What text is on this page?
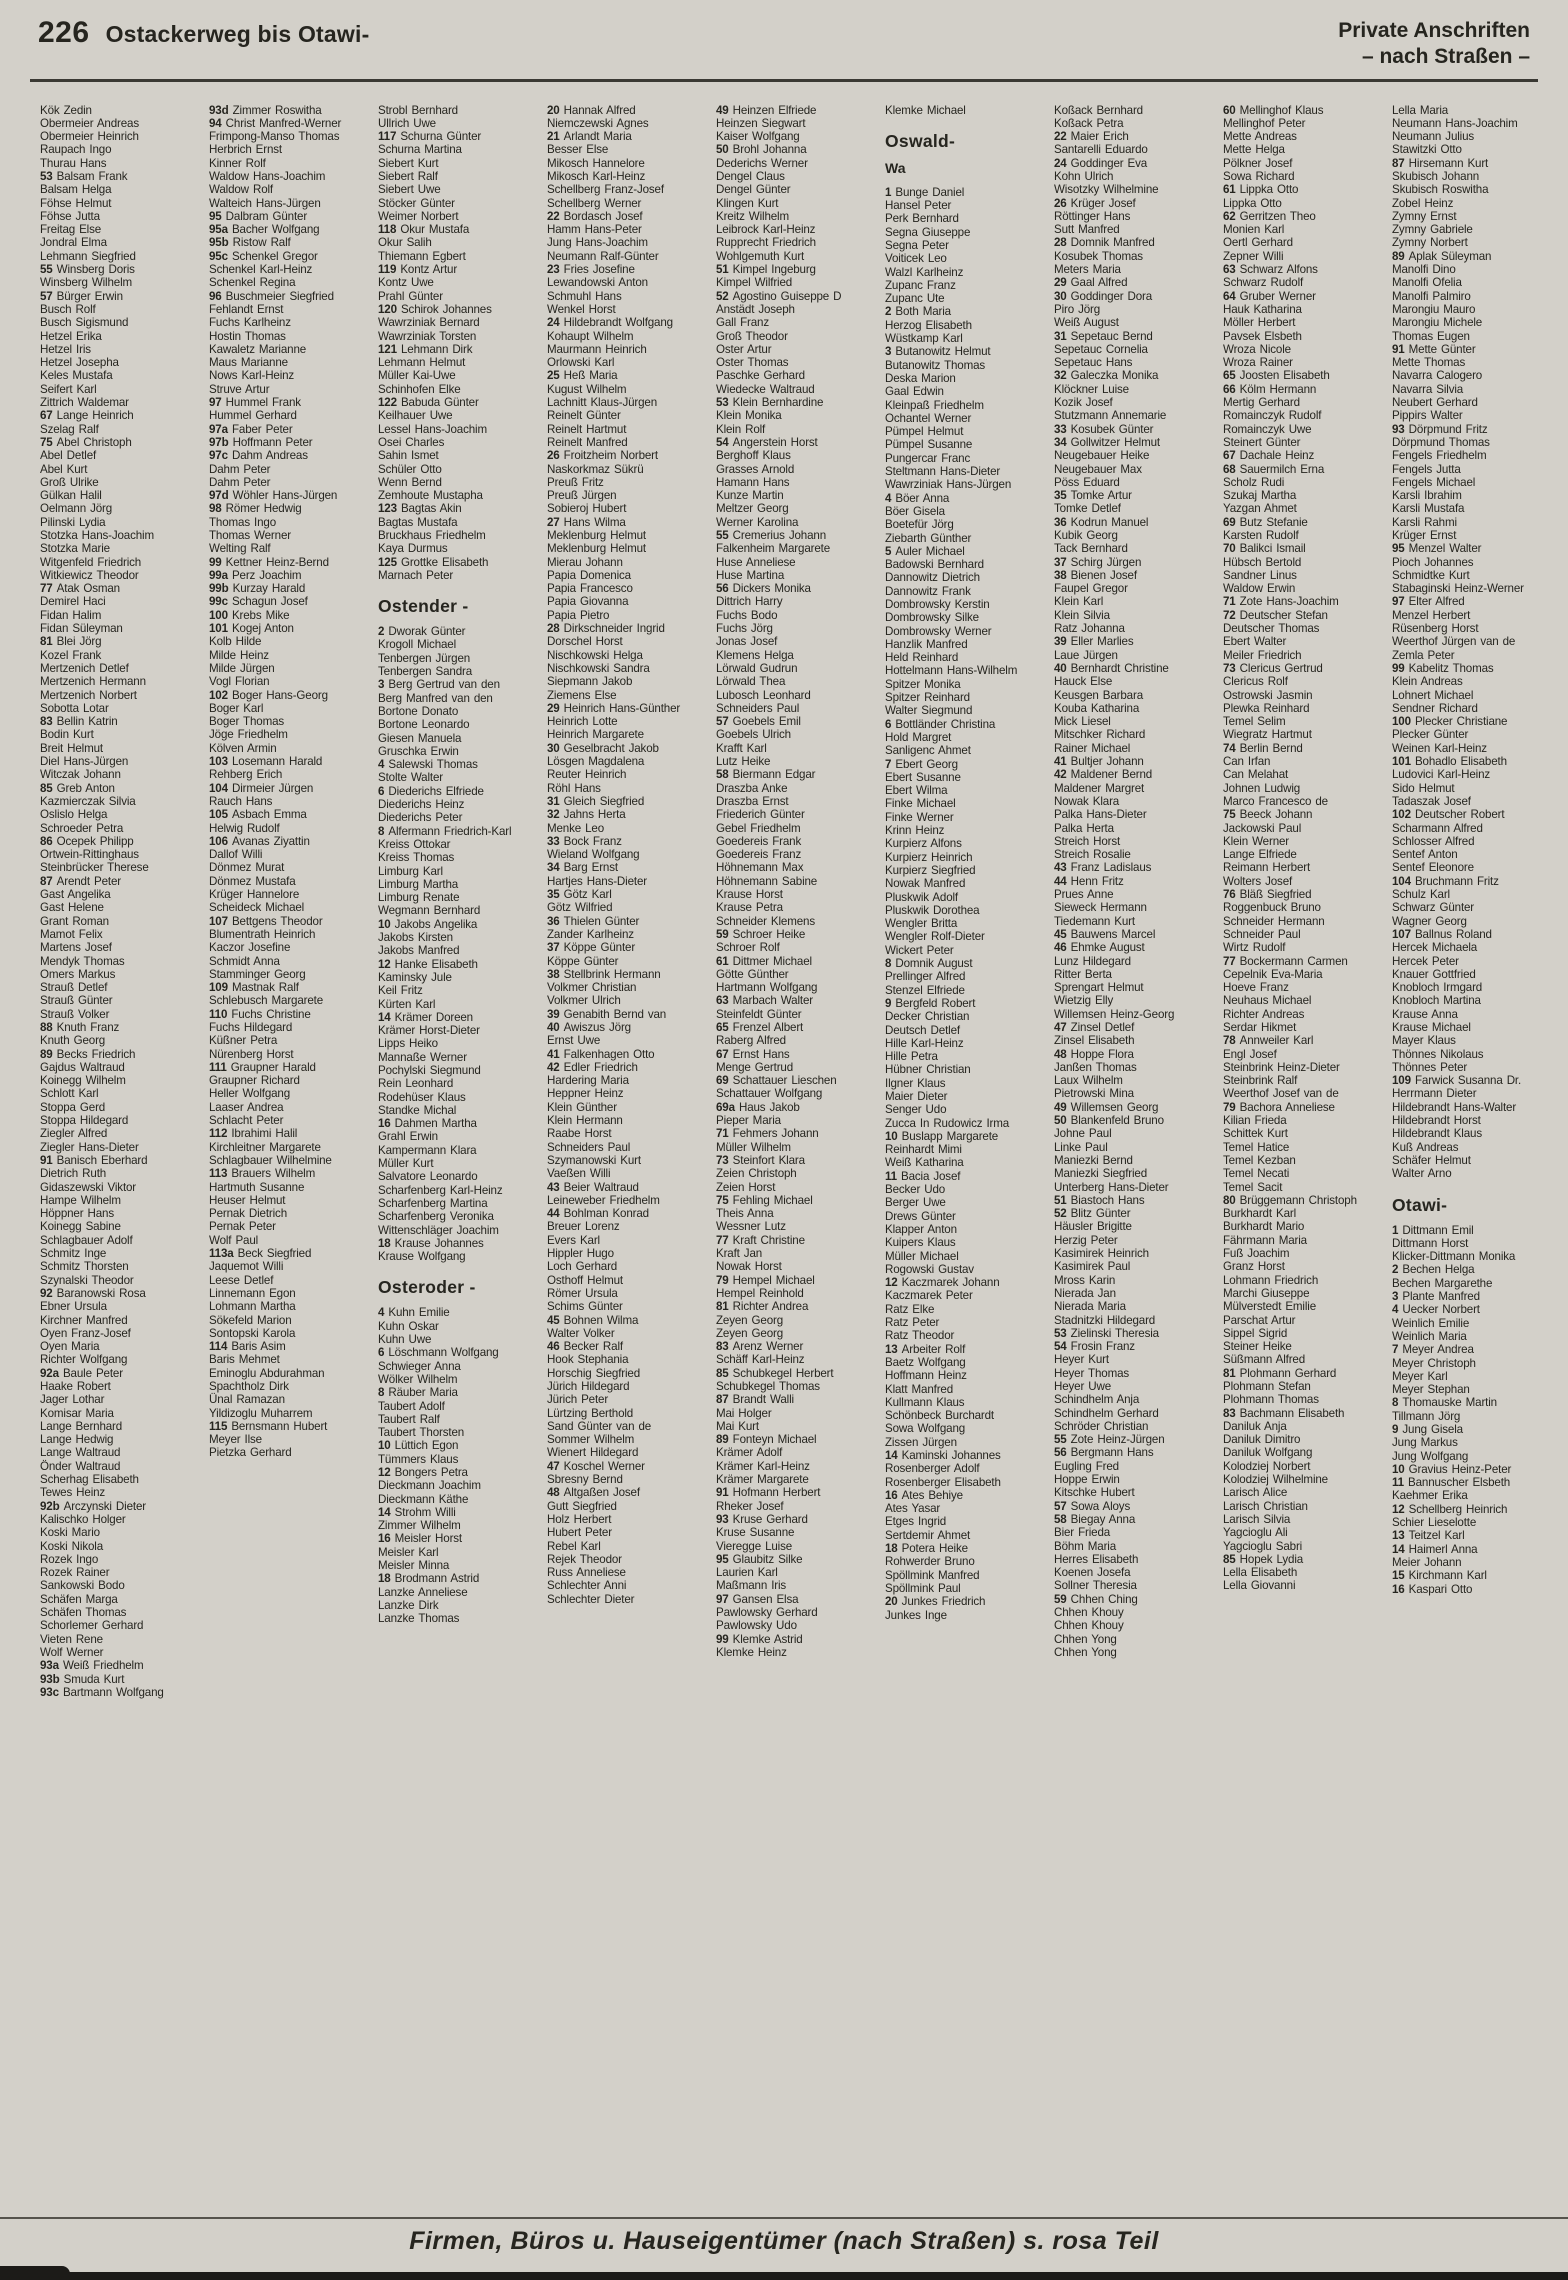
226 Ostackerweg bis Otawi-	Private Anschriften
– nach Straßen –
Kök Zedin
Obermeier Andreas
Obermeier Heinrich
Raupach Ingo
Thurau Hans
53 Balsam Frank
Balsam Helga
Föhse Helmut
Föhse Jutta
Freitag Else
Jondral Elma
Lehmann Siegfried
55 Winsberg Doris
Winsberg Wilhelm
57 Bürger Erwin
Busch Rolf
Busch Sigismund
Hetzel Erika
Hetzel Iris
Hetzel Josepha
Keles Mustafa
Seifert Karl
Zittrich Waldemar
67 Lange Heinrich
Szelag Ralf
75 Abel Christoph
Abel Detlef
Abel Kurt
Groß Ulrike
Gülkan Halil
Oelmann Jörg
Pilinski Lydia
Stotzka Hans-Joachim
Stotzka Marie
Witgenfeld Friedrich
Witkiewicz Theodor
77 Atak Osman
Demirel Haci
Fidan Halim
Fidan Süleyman
81 Blei Jörg
Kozel Frank
Mertzenich Detlef
Mertzenich Hermann
Mertzenich Norbert
Sobotta Lotar
83 Bellin Katrin
Bodin Kurt
Breit Helmut
Diel Hans-Jürgen
Witczak Johann
85 Greb Anton
Kazmierczak Silvia
Oslislo Helga
Schroeder Petra
86 Ocepek Philipp
Ortwein-Rittinghaus
Steinbrücker Therese
87 Arendt Peter
Gast Angelika
Gast Helene
Grant Roman
Mamot Felix
Martens Josef
Mendyk Thomas
Omers Markus
Strauß Detlef
Strauß Günter
Strauß Volker
88 Knuth Franz
Knuth Georg
89 Becks Friedrich
Gajdus Waltraud
Koinegg Wilhelm
Schlott Karl
Stoppa Gerd
Stoppa Hildegard
Ziegler Alfred
Ziegler Hans-Dieter
91 Banisch Eberhard
Dietrich Ruth
Gidaszewski Viktor
Hampe Wilhelm
Höppner Hans
Koinegg Sabine
Schlagbauer Adolf
Schmitz Inge
Schmitz Thorsten
Szynalski Theodor
92 Baranowski Rosa
Ebner Ursula
Kirchner Manfred
Oyen Franz-Josef
Oyen Maria
Richter Wolfgang
92a Baule Peter
Haake Robert
Jager Lothar
Komisar Maria
Lange Bernhard
Lange Hedwig
Lange Waltraud
Önder Waltraud
Scherhag Elisabeth
Tewes Heinz
92b Arczynski Dieter
Kalischko Holger
Koski Mario
Koski Nikola
Rozek Ingo
Rozek Rainer
Sankowski Bodo
Schäfen Marga
Schäfen Thomas
Schorlemer Gerhard
Vieten Rene
Wolf Werner
93a Weiß Friedhelm
93b Smuda Kurt
93c Bartmann Wolfgang
93d Zimmer Roswitha
94 Christ Manfred-Werner
Frimpong-Manso Thomas
Herbrich Ernst
Kinner Rolf
Waldow Hans-Joachim
Waldow Rolf
Walteich Hans-Jürgen
95 Dalbram Günter
95a Bacher Wolfgang
95b Ristow Ralf
95c Schenkel Gregor
Schenkel Karl-Heinz
Schenkel Regina
96 Buschmeier Siegfried
Fehlandt Ernst
Fuchs Karlheinz
Hostin Thomas
Kawaletz Marianne
Maus Marianne
Nows Karl-Heinz
Struve Artur
97 Hummel Frank
Hummel Gerhard
97a Faber Peter
97b Hoffmann Peter
97c Dahm Andreas
Dahm Peter
Dahm Peter
97d Wöhler Hans-Jürgen
98 Römer Hedwig
Thomas Ingo
Thomas Werner
Welting Ralf
99 Kettner Heinz-Bernd
99a Perz Joachim
99b Kurzay Harald
99c Schagun Josef
100 Krebs Mike
101 Kogej Anton
Kolb Hilde
Milde Heinz
Milde Jürgen
Vogl Florian
102 Boger Hans-Georg
Boger Karl
Boger Thomas
Jöge Friedhelm
Kölven Armin
103 Losemann Harald
Rehberg Erich
104 Dirmeier Jürgen
Rauch Hans
105 Asbach Emma
Helwig Rudolf
106 Avanas Ziyattin
Dallof Willi
Dönmez Murat
Dönmez Mustafa
Krüger Hannelore
Scheideck Michael
107 Bettgens Theodor
Blumentrath Heinrich
Kaczor Josefine
Schmidt Anna
Stamminger Georg
109 Mastnak Ralf
Schlebusch Margarete
110 Fuchs Christine
Fuchs Hildegard
Küßner Petra
Nürenberg Horst
111 Graupner Harald
Graupner Richard
Heller Wolfgang
Laaser Andrea
Schlacht Peter
112 Ibrahimi Halil
Kirchleitner Margarete
Schlagbauer Wilhelmine
113 Brauers Wilhelm
Hartmuth Susanne
Heuser Helmut
Pernak Dietrich
Pernak Peter
Wolf Paul
113a Beck Siegfried
Jaquemot Willi
Leese Detlef
Linnemann Egon
Lohmann Martha
Sökefeld Marion
Sontopski Karola
114 Baris Asim
Baris Mehmet
Eminoglu Abdurahman
Spachtholz Dirk
Ünal Ramazan
Yildizoglu Muharrem
115 Bernsmann Hubert
Meyer Ilse
Pietzka Gerhard
Strobl Bernhard
Ullrich Uwe
117 Schurna Günter
Schurna Martina
Siebert Kurt
Siebert Ralf
Siebert Uwe
Stöcker Günter
Weimer Norbert
118 Okur Mustafa
Okur Salih
Thiemann Egbert
119 Kontz Artur
Kontz Uwe
Prahl Günter
120 Schirok Johannes
Wawrziniak Bernard
Wawrziniak Torsten
121 Lehmann Dirk
Lehmann Helmut
Müller Kai-Uwe
Schinhofen Elke
122 Babuda Günter
Keilhauer Uwe
Lessel Hans-Joachim
Osei Charles
Sahin Ismet
Schüler Otto
Wenn Bernd
Zemhoute Mustapha
123 Bagtas Akin
Bagtas Mustafa
Bruckhaus Friedhelm
Kaya Durmus
125 Grottke Elisabeth
Marnach Peter
Ostender -
2 Dworak Günter
Krogoll Michael
Tenbergen Jürgen
Tenbergen Sandra
3 Berg Gertrud van den
Berg Manfred van den
Bortone Donato
Bortone Leonardo
Giesen Manuela
Gruschka Erwin
4 Salewski Thomas
Stolte Walter
6 Diederichs Elfriede
Diederichs Heinz
Diederichs Peter
8 Alfermann Friedrich-Karl
Kreiss Ottokar
Kreiss Thomas
Limburg Karl
Limburg Martha
Limburg Renate
Wegmann Bernhard
10 Jakobs Angelika
Jakobs Kirsten
Jakobs Manfred
12 Hanke Elisabeth
Kaminsky Jule
Keil Fritz
Kürten Karl
14 Krämer Doreen
Krämer Horst-Dieter
Lipps Heiko
Mannaße Werner
Pochylski Siegmund
Rein Leonhard
Rodehüser Klaus
Standke Michal
16 Dahmen Martha
Grahl Erwin
Kampermann Klara
Müller Kurt
Salvatore Leonardo
Scharfenberg Karl-Heinz
Scharfenberg Martina
Scharfenberg Veronika
Wittenschläger Joachim
18 Krause Johannes
Krause Wolfgang
Osteroder -
4 Kuhn Emilie
Kuhn Oskar
Kuhn Uwe
6 Löschmann Wolfgang
Schwieger Anna
Wölker Wilhelm
8 Räuber Maria
Taubert Adolf
Taubert Ralf
Taubert Thorsten
10 Lüttich Egon
Tümmers Klaus
12 Bongers Petra
Dieckmann Joachim
Dieckmann Käthe
14 Strohm Willi
Zimmer Wilhelm
16 Meisler Horst
Meisler Karl
Meisler Minna
18 Brodmann Astrid
Lanzke Anneliese
Lanzke Dirk
Lanzke Thomas
20 Hannak Alfred
Niemczewski Agnes
21 Arlandt Maria
Besser Else
Mikosch Hannelore
Mikosch Karl-Heinz
Schellberg Franz-Josef
Schellberg Werner
22 Bordasch Josef
Hamm Hans-Peter
Jung Hans-Joachim
Neumann Ralf-Günter
23 Fries Josefine
Lewandowski Anton
Schmuhl Hans
Wenkel Horst
24 Hildebrandt Wolfgang
Kohaupt Wilhelm
Maurmann Heinrich
Orlowski Karl
25 Heß Maria
Kugust Wilhelm
Lachnitt Klaus-Jürgen
Reinelt Günter
Reinelt Hartmut
Reinelt Manfred
26 Froitzheim Norbert
Naskorkmaz Sükrü
Preuß Fritz
Preuß Jürgen
Sobieroj Hubert
27 Hans Wilma
Meklenburg Helmut
Meklenburg Helmut
Mierau Johann
Papia Domenica
Papia Francesco
Papia Giovanna
Papia Pietro
28 Dirkschneider Ingrid
Dorschel Horst
Nischkowski Helga
Nischkowski Sandra
Siepmann Jakob
Ziemens Else
29 Heinrich Hans-Günther
Heinrich Lotte
Heinrich Margarete
30 Geselbracht Jakob
Lösgen Magdalena
Reuter Heinrich
Röhl Hans
31 Gleich Siegfried
32 Jahns Herta
Menke Leo
33 Bock Franz
Wieland Wolfgang
34 Barg Ernst
Hartjes Hans-Dieter
35 Götz Karl
Götz Wilfried
36 Thielen Günter
Zander Karlheinz
37 Köppe Günter
Köppe Günter
38 Stellbrink Hermann
Volkmer Christian
Volkmer Ulrich
39 Genabith Bernd van
40 Awiszus Jörg
Ernst Uwe
41 Falkenhagen Otto
42 Edler Friedrich
Hardering Maria
Heppner Heinz
Klein Günther
Klein Hermann
Raabe Horst
Schneiders Paul
Szymanowski Kurt
Vaeßen Willi
43 Beier Waltraud
Leineweber Friedhelm
44 Bohlman Konrad
Breuer Lorenz
Evers Karl
Hippler Hugo
Loch Gerhard
Osthoff Helmut
Römer Ursula
Schims Günter
45 Bohnen Wilma
Walter Volker
46 Becker Ralf
Hook Stephania
Horschig Siegfried
Jürich Hildegard
Jürich Peter
Lürtzing Berthold
Sand Günter van de
Sommer Wilhelm
Wienert Hildegard
47 Koschel Werner
Sbresny Bernd
48 Altgaßen Josef
Gutt Siegfried
Holz Herbert
Hubert Peter
Rebel Karl
Rejek Theodor
Russ Anneliese
Schlechter Anni
Schlechter Dieter
49 Heinzen Elfriede
Heinzen Siegwart
Kaiser Wolfgang
50 Brohl Johanna
Dederichs Werner
Dengel Claus
Dengel Günter
Klingen Kurt
Kreitz Wilhelm
Leibrock Karl-Heinz
Rupprecht Friedrich
Wohlgemuth Kurt
51 Kimpel Ingeburg
Kimpel Wilfried
52 Agostino Guiseppe D
Anstädt Joseph
Gall Franz
Groß Theodor
Oster Artur
Oster Thomas
Paschke Gerhard
Wiedecke Waltraud
53 Klein Bernhardine
Klein Monika
Klein Rolf
54 Angerstein Horst
Berghoff Klaus
Grasses Arnold
Hamann Hans
Kunze Martin
Meltzer Georg
Werner Karolina
55 Cremerius Johann
Falkenheim Margarete
Huse Anneliese
Huse Martina
56 Dickers Monika
Dittrich Harry
Fuchs Bodo
Fuchs Jörg
Jonas Josef
Klemens Helga
Lörwald Gudrun
Lörwald Thea
Lubosch Leonhard
Schneiders Paul
57 Goebels Emil
Goebels Ulrich
Krafft Karl
Lutz Heike
58 Biermann Edgar
Draszba Anke
Draszba Ernst
Friederich Günter
Gebel Friedhelm
Goedereis Frank
Goedereis Franz
Höhnemann Max
Höhnemann Sabine
Krause Horst
Krause Petra
Schneider Klemens
59 Schroer Heike
Schroer Rolf
61 Dittmer Michael
Götte Günther
Hartmann Wolfgang
63 Marbach Walter
Steinfeldt Günter
65 Frenzel Albert
Raberg Alfred
67 Ernst Hans
Menge Gertrud
69 Schattauer Lieschen
Schattauer Wolfgang
69a Haus Jakob
Pieper Maria
71 Fehmers Johann
Müller Wilhelm
73 Steinfort Klara
Zeien Christoph
Zeien Horst
75 Fehling Michael
Theis Anna
Wessner Lutz
77 Kraft Christine
Kraft Jan
Nowak Horst
79 Hempel Michael
Hempel Reinhold
81 Richter Andrea
Zeyen Georg
Zeyen Georg
83 Arenz Werner
Schäff Karl-Heinz
85 Schubkegel Herbert
Schubkegel Thomas
87 Brandt Walli
Mai Holger
Mai Kurt
89 Fonteyn Michael
Krämer Adolf
Krämer Karl-Heinz
Krämer Margarete
91 Hofmann Herbert
Rheker Josef
93 Kruse Gerhard
Kruse Susanne
Vieregge Luise
95 Glaubitz Silke
Laurien Karl
Maßmann Iris
97 Gansen Elsa
Pawlowsky Gerhard
Pawlowsky Udo
99 Klemke Astrid
Klemke Heinz
Klemke Michael
Oswald-
Wa
1 Bunge Daniel
Hansel Peter
Perk Bernhard
Segna Giuseppe
Segna Peter
Voiticek Leo
Walzl Karlheinz
Zupanc Franz
Zupanc Ute
2 Both Maria
Herzog Elisabeth
Wüstkamp Karl
3 Butanowitz Helmut
Butanowitz Thomas
Deska Marion
Gaal Edwin
Kleinpaß Friedhelm
Ochantel Werner
Pümpel Helmut
Pümpel Susanne
Pungercar Franc
Steltmann Hans-Dieter
Wawrziniak Hans-Jürgen
4 Böer Anna
Böer Gisela
Boetefür Jörg
Ziebarth Günther
5 Auler Michael
Badowski Bernhard
Dannowitz Dietrich
Dannowitz Frank
Dombrowsky Kerstin
Dombrowsky Silke
Dombrowsky Werner
Hanzlik Manfred
Held Reinhard
Hottelmann Hans-Wilhelm
Spitzer Monika
Spitzer Reinhard
Walter Siegmund
6 Bottländer Christina
Hold Margret
Sanligenc Ahmet
7 Ebert Georg
Ebert Susanne
Ebert Wilma
Finke Michael
Finke Werner
Krinn Heinz
Kurpierz Alfons
Kurpierz Heinrich
Kurpierz Siegfried
Nowak Manfred
Pluskwik Adolf
Pluskwik Dorothea
Wengler Britta
Wengler Rolf-Dieter
Wickert Peter
8 Domnik August
Prellinger Alfred
Stenzel Elfriede
9 Bergfeld Robert
Decker Christian
Deutsch Detlef
Hille Karl-Heinz
Hille Petra
Hübner Christian
Ilgner Klaus
Maier Dieter
Senger Udo
Zucca In Rudowicz Irma
10 Buslapp Margarete
Reinhardt Mimi
Weiß Katharina
11 Bacia Josef
Becker Udo
Berger Uwe
Drews Günter
Klapper Anton
Kuipers Klaus
Müller Michael
Rogowski Gustav
12 Kaczmarek Johann
Kaczmarek Peter
Ratz Elke
Ratz Peter
Ratz Theodor
13 Arbeiter Rolf
Baetz Wolfgang
Hoffmann Heinz
Klatt Manfred
Kullmann Klaus
Schönbeck Burchardt
Sowa Wolfgang
Zissen Jürgen
14 Kaminski Johannes
Rosenberger Adolf
Rosenberger Elisabeth
16 Ates Behiye
Ates Yasar
Etges Ingrid
Sertdemir Ahmet
18 Potera Heike
Rohwerder Bruno
Spöllmink Manfred
Spöllmink Paul
20 Junkes Friedrich
Junkes Inge
Koßack Bernhard
Koßack Petra
22 Maier Erich
Santarelli Eduardo
24 Goddinger Eva
Kohn Ulrich
Wisotzky Wilhelmine
26 Krüger Josef
Röttinger Hans
Sutt Manfred
28 Domnik Manfred
Kosubek Thomas
Meters Maria
29 Gaal Alfred
30 Goddinger Dora
Piro Jörg
Weiß August
31 Sepetauc Bernd
Sepetauc Cornelia
Sepetauc Hans
32 Galeczka Monika
Klöckner Luise
Kozik Josef
Stutzmann Annemarie
33 Kosubek Günter
34 Gollwitzer Helmut
Neugebauer Heike
Neugebauer Max
Pöss Eduard
35 Tomke Artur
Tomke Detlef
36 Kodrun Manuel
Kubik Georg
Tack Bernhard
37 Schirg Jürgen
38 Bienen Josef
Faupel Gregor
Klein Karl
Klein Silvia
Ratz Johanna
39 Eller Marlies
Laue Jürgen
40 Bernhardt Christine
Hauck Else
Keusgen Barbara
Kouba Katharina
Mick Liesel
Mitschker Richard
Rainer Michael
41 Bultjer Johann
42 Maldener Bernd
Maldener Margret
Nowak Klara
Palka Hans-Dieter
Palka Herta
Streich Horst
Streich Rosalie
43 Franz Ladislaus
44 Henn Fritz
Prues Anne
Sieweck Hermann
Tiedemann Kurt
45 Bauwens Marcel
46 Ehmke August
Lunz Hildegard
Ritter Berta
Sprengart Helmut
Wietzig Elly
Willemsen Heinz-Georg
47 Zinsel Detlef
Zinsel Elisabeth
48 Hoppe Flora
Janßen Thomas
Laux Wilhelm
Pietrowski Mina
49 Willemsen Georg
50 Blankenfeld Bruno
Johne Paul
Linke Paul
Maniezki Bernd
Maniezki Siegfried
Unterberg Hans-Dieter
51 Biastoch Hans
52 Blitz Günter
Häusler Brigitte
Herzig Peter
Kasimirek Heinrich
Kasimirek Paul
Mross Karin
Nierada Jan
Nierada Maria
Stadnitzki Hildegard
53 Zielinski Theresia
54 Frosin Franz
Heyer Kurt
Heyer Thomas
Heyer Uwe
Schindhelm Anja
Schindhelm Gerhard
Schröder Christian
55 Zote Heinz-Jürgen
56 Bergmann Hans
Eugling Fred
Hoppe Erwin
Kitschke Hubert
57 Sowa Aloys
58 Biegay Anna
Bier Frieda
Böhm Maria
Herres Elisabeth
Koenen Josefa
Sollner Theresia
59 Chhen Ching
Chhen Khouy
Chhen Khouy
Chhen Yong
Chhen Yong
60 Mellinghof Klaus
Mellinghof Peter
Mette Andreas
Mette Helga
Pölkner Josef
Sowa Richard
61 Lippka Otto
Lippka Otto
62 Gerritzen Theo
Monien Karl
Oertl Gerhard
Zepner Willi
63 Schwarz Alfons
Schwarz Rudolf
64 Gruber Werner
Hauk Katharina
Möller Herbert
Pavsek Elsbeth
Wroza Nicole
Wroza Rainer
65 Joosten Elisabeth
66 Kölm Hermann
Mertig Gerhard
Romainczyk Rudolf
Romainczyk Uwe
Steinert Günter
67 Dachale Heinz
68 Sauermilch Erna
Scholz Rudi
Szukaj Martha
Yazgan Ahmet
69 Butz Stefanie
Karsten Rudolf
70 Balikci Ismail
Hübsch Bertold
Sandner Linus
Waldow Erwin
71 Zote Hans-Joachim
72 Deutscher Stefan
Deutscher Thomas
Ebert Walter
Meiler Friedrich
73 Clericus Gertrud
Clericus Rolf
Ostrowski Jasmin
Plewka Reinhard
Temel Selim
Wiegratz Hartmut
74 Berlin Bernd
Can Irfan
Can Melahat
Johnen Ludwig
Marco Francesco de
75 Beeck Johann
Jackowski Paul
Klein Werner
Lange Elfriede
Reimann Herbert
Wolters Josef
76 Bläß Siegfried
Roggenbuck Bruno
Schneider Hermann
Schneider Paul
Wirtz Rudolf
77 Bockermann Carmen
Cepelnik Eva-Maria
Hoeve Franz
Neuhaus Michael
Richter Andreas
Serdar Hikmet
78 Annweiler Karl
Engl Josef
Steinbrink Heinz-Dieter
Steinbrink Ralf
Weerthof Josef van de
79 Bachora Anneliese
Kilian Frieda
Schittek Kurt
Temel Hatice
Temel Kezban
Temel Necati
Temel Sacit
80 Brüggemann Christoph
Burkhardt Karl
Burkhardt Mario
Fährmann Maria
Fuß Joachim
Granz Horst
Lohmann Friedrich
Marchi Giuseppe
Mülverstedt Emilie
Parschat Artur
Sippel Sigrid
Steiner Heike
Süßmann Alfred
81 Plohmann Gerhard
Plohmann Stefan
Plohmann Thomas
83 Bachmann Elisabeth
Daniluk Anja
Daniluk Dimitro
Daniluk Wolfgang
Kolodziej Norbert
Kolodziej Wilhelmine
Larisch Alice
Larisch Christian
Larisch Silvia
Yagcioglu Ali
Yagcioglu Sabri
85 Hopek Lydia
Lella Elisabeth
Lella Giovanni
Lella Maria
Neumann Hans-Joachim
Neumann Julius
Stawitzki Otto
87 Hirsemann Kurt
Skubisch Johann
Skubisch Roswitha
Zobel Heinz
Zymny Ernst
Zymny Gabriele
Zymny Norbert
89 Aplak Süleyman
Manolfi Dino
Manolfi Ofelia
Manolfi Palmiro
Marongiu Mauro
Marongiu Michele
Thomas Eugen
91 Mette Günter
Mette Thomas
Navarra Calogero
Navarra Silvia
Neubert Gerhard
Pippirs Walter
93 Dörpmund Fritz
Dörpmund Thomas
Fengels Friedhelm
Fengels Jutta
Fengels Michael
Karsli Ibrahim
Karsli Mustafa
Karsli Rahmi
Krüger Ernst
95 Menzel Walter
Pioch Johannes
Schmidtke Kurt
Stabaginski Heinz-Werner
97 Elter Alfred
Menzel Herbert
Rüsenberg Horst
Weerthof Jürgen van de
Zemla Peter
99 Kabelitz Thomas
Klein Andreas
Lohnert Michael
Sendner Richard
100 Plecker Christiane
Plecker Günter
Weinen Karl-Heinz
101 Bohadlo Elisabeth
Ludovici Karl-Heinz
Sido Helmut
Tadaszak Josef
102 Deutscher Robert
Scharmann Alfred
Schlosser Alfred
Sentef Anton
Sentef Eleonore
104 Bruchmann Fritz
Schulz Karl
Schwarz Günter
Wagner Georg
107 Ballnus Roland
Hercek Michaela
Hercek Peter
Knauer Gottfried
Knobloch Irmgard
Knobloch Martina
Krause Anna
Krause Michael
Mayer Klaus
Thönnes Nikolaus
Thönnes Peter
109 Farwick Susanna Dr.
Herrmann Dieter
Hildebrandt Hans-Walter
Hildebrandt Horst
Hildebrandt Klaus
Kuß Andreas
Schäfer Helmut
Walter Arno
Otawi-
1 Dittmann Emil
Dittmann Horst
Klicker-Dittmann Monika
2 Bechen Helga
Bechen Margarethe
3 Plante Manfred
4 Uecker Norbert
Weinlich Emilie
Weinlich Maria
7 Meyer Andrea
Meyer Christoph
Meyer Karl
Meyer Stephan
8 Thomauske Martin
Tillmann Jörg
9 Jung Gisela
Jung Markus
Jung Wolfgang
10 Gravius Heinz-Peter
11 Bannuscher Elsbeth
Kaehmer Erika
12 Schellberg Heinrich
Schier Lieselotte
13 Teitzel Karl
14 Haimerl Anna
Meier Johann
15 Kirchmann Karl
16 Kaspari Otto
Firmen, Büros u. Hauseigentümer (nach Straßen) s. rosa Teil
